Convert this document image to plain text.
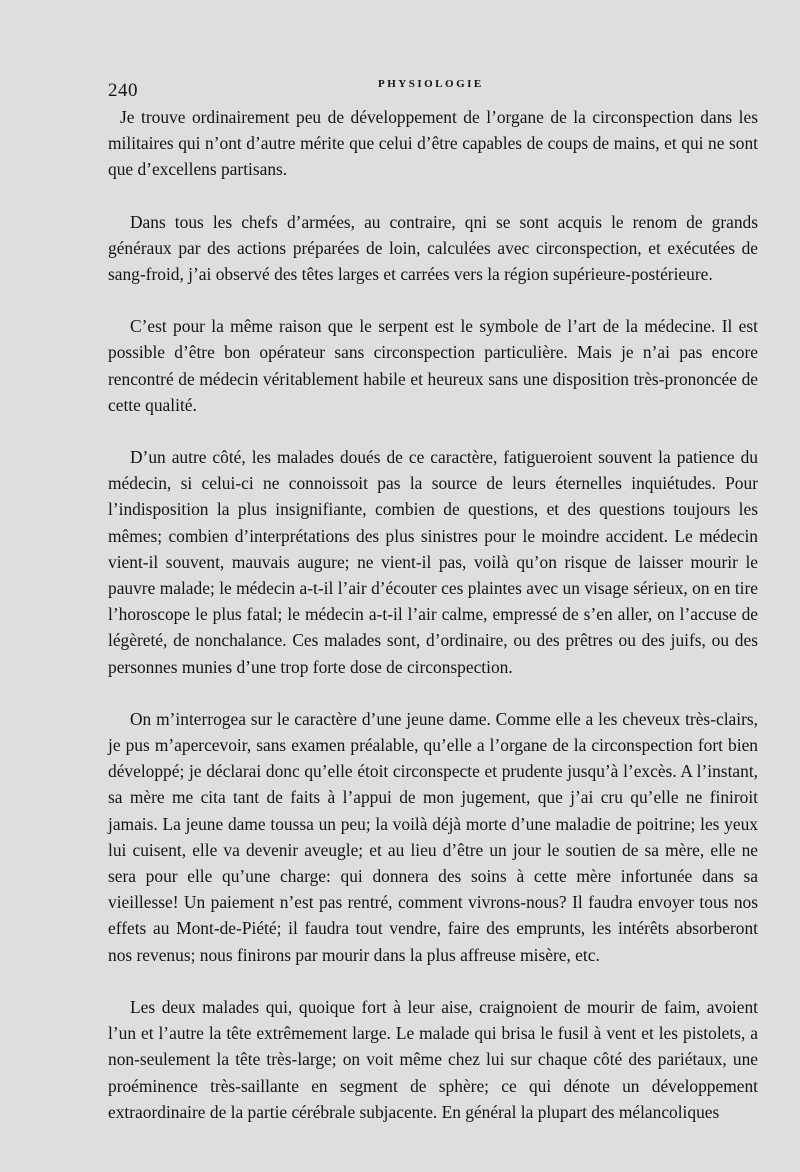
240	PHYSIOLOGIE

Je trouve ordinairement peu de développement de l’organe de la circonspection dans les militaires qui n’ont d’autre mérite que celui d’être capables de coups de mains, et qui ne sont que d’excellens partisans.

Dans tous les chefs d’armées, au contraire, qni se sont acquis le renom de grands généraux par des actions préparées de loin, calculées avec circonspection, et exécutées de sang-froid, j’ai observé des têtes larges et carrées vers la région supérieure-postérieure.

C’est pour la même raison que le serpent est le symbole de l’art de la médecine. Il est possible d’être bon opérateur sans circonspection particulière. Mais je n’ai pas encore rencontré de médecin véritablement habile et heureux sans une disposition très-prononcée de cette qualité.

D’un autre côté, les malades doués de ce caractère, fatigueroient souvent la patience du médecin, si celui-ci ne connoissoit pas la source de leurs éternelles inquiétudes. Pour l’indisposition la plus insignifiante, combien de questions, et des questions toujours les mêmes; combien d’interprétations des plus sinistres pour le moindre accident. Le médecin vient-il souvent, mauvais augure; ne vient-il pas, voilà qu’on risque de laisser mourir le pauvre malade; le médecin a-t-il l’air d’écouter ces plaintes avec un visage sérieux, on en tire l’horoscope le plus fatal; le médecin a-t-il l’air calme, empressé de s’en aller, on l’accuse de légèreté, de nonchalance. Ces malades sont, d’ordinaire, ou des prêtres ou des juifs, ou des personnes munies d’une trop forte dose de circonspection.

On m’interrogea sur le caractère d’une jeune dame. Comme elle a les cheveux très-clairs, je pus m’apercevoir, sans examen préalable, qu’elle a l’organe de la circonspection fort bien développé; je déclarai donc qu’elle étoit circonspecte et prudente jusqu’à l’excès. A l’instant, sa mère me cita tant de faits à l’appui de mon jugement, que j’ai cru qu’elle ne finiroit jamais. La jeune dame toussa un peu; la voilà déjà morte d’une maladie de poitrine; les yeux lui cuisent, elle va devenir aveugle; et au lieu d’être un jour le soutien de sa mère, elle ne sera pour elle qu’une charge: qui donnera des soins à cette mère infortunée dans sa vieillesse! Un paiement n’est pas rentré, comment vivrons-nous? Il faudra envoyer tous nos effets au Mont-de-Piété; il faudra tout vendre, faire des emprunts, les intérêts absorberont nos revenus; nous finirons par mourir dans la plus affreuse misère, etc.

Les deux malades qui, quoique fort à leur aise, craignoient de mourir de faim, avoient l’un et l’autre la tête extrêmement large. Le malade qui brisa le fusil à vent et les pistolets, a non-seulement la tête très-large; on voit même chez lui sur chaque côté des pariétaux, une proéminence très-saillante en segment de sphère; ce qui dénote un développement extraordinaire de la partie cérébrale subjacente. En général la plupart des mélancoliques
